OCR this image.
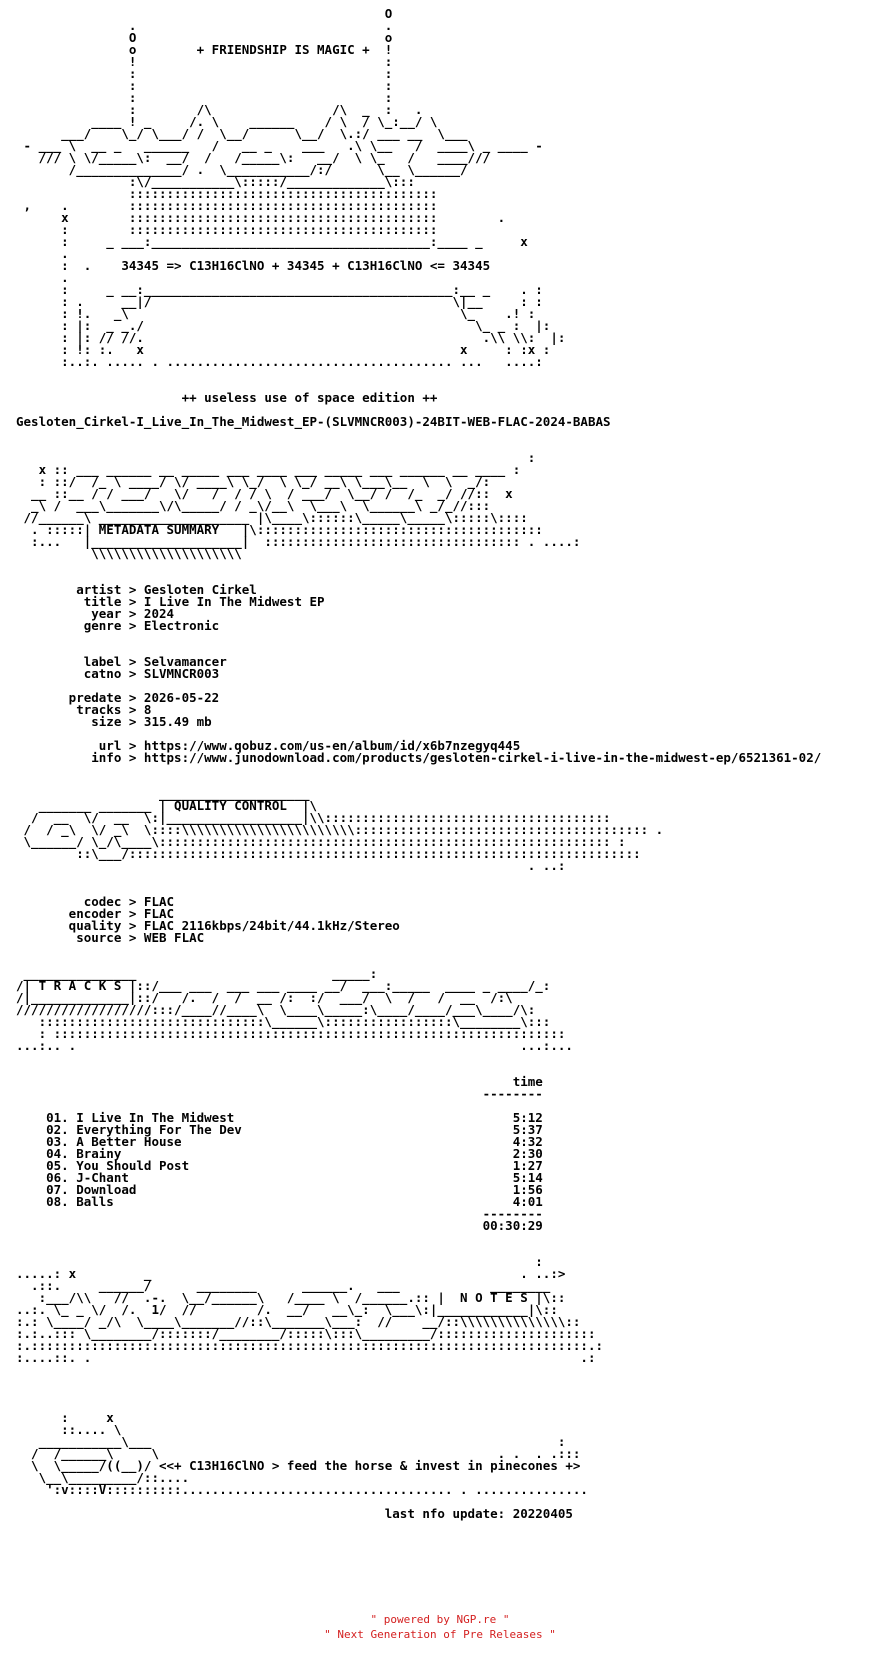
O
.                                 .
O                                 o
o        + FRIENDSHIP IS MAGIC +  !
!                                 :
:                                 :
:                                 :
:                                 :
:        /\                /\  _  :   .
____ ! _     /. \    ______    / \  / \_:__/ \
___/    \_/ \___/ /  \__/      \__/  \.:/ ___ __  \___
- ___ \  __ _   ______   /   __ _    ___   .\ \__   /  ____\ _ ____ -
/// \ \/_____\:  __/  /   /_____\:   __/  \ \_   /   ____///
/______________/ .  \___________/:/      \__ \______/
:\/___________\:::::/_____________\:::
:::::::::::::::::::::::::::::::::::::::::
,    .        :::::::::::::::::::::::::::::::::::::::::
x        :::::::::::::::::::::::::::::::::::::::::        .
:        :::::::::::::::::::::::::::::::::::::::::
:     _ ___:_____________________________________:____ _     x
.
:  .    34345 => C13H16ClNO + 34345 + C13H16ClNO <= 34345
.
:     _ __:_________________________________________:__ _    . :
: .     __|/                                        \|__     : :
: !.   _\                                            \_    .! :
: |:  _ _./                                            \_ _ :  |:
: |: // //.                                             .\\ \\:  |:
: !: :.   x                                          x     : :x :
:..:. ..... . ...................................... ...   ....:

++ useless use of space edition ++

Gesloten_Cirkel-I_Live_In_The_Midwest_EP-(SLVMNCR003)-24BIT-WEB-FLAC-2024-BABAS

:
x :: ___ ______ __ _____ ___ ____ ___ _____ ___ ______ __ ____ :
: ::/  /_ \ ____/ \/ ____\ \_/  \ \_/ __\ \___\__  \  \  _/:
__ ::__ / / ___/   \/   /  / / \  / ___/  \__/ /  /_  _/ //::  x
_\ /  ___\_______\/\_____/ / _\/__\  \___\  \______\ _/_//:::
//______\ ____________________ |\____\::::::\_____\_____\:::::\::::
. :::::| METADATA SUMMARY   |\::::::::::::::::::::::::::::::::::::::
:...   |____________________|  :::::::::::::::::::::::::::::::::: . ....:
\\\\\\\\\\\\\\\\\\\\

artist > Gesloten Cirkel
title > I Live In The Midwest EP
year > 2024
genre > Electronic

label > Selvamancer
catno > SLVMNCR003

predate > 2026-05-22
tracks > 8
size > 315.49 mb

url > https://www.qobuz.com/us-en/album/id/x6b7nzegyq445
info > https://www.junodownload.com/products/gesloten-cirkel-i-live-in-the-midwest-ep/6521361-02/

____________________
_______ _______ | QUALITY CONTROL  |\
/  __  \/  __  \:|__________________|\\::::::::::::::::::::::::::::::::::::::
/  / _\  \/ _\  \::::\\\\\\\\\\\\\\\\\\\\\\\::::::::::::::::::::::::::::::::::::::: .
\______/ \_/\____\:::::::::::::::::::::::::::::::::::::::::::::::::::::::::::: :
::\___/::::::::::::::::::::::::::::::::::::::::::::::::::::::::::::::::::::
. ..:

codec > FLAC
encoder > FLAC
quality > FLAC 2116kbps/24bit/44.1kHz/Stereo
source > WEB FLAC

_______________                          _____:
/| T R A C K S |::/___ ___  ___ ___ ____ __/  ___:_____  ____ _ ____/_:
/|_____________|::/   /.  /  /  __ /:  :/  ___/  \  /   /  __  /:\
//////////////////:::/____//____\  \____\_____:\____/____/___\____/\:
::::::::::::::::::::::::::::::\______\:::::::::::::::::\________\:::
: ::::::::::::::::::::::::::::::::::::::::::::::::::::::::::::::::::::
...:.. .                                                           ...:...

time
--------

01. I Live In The Midwest                                     5:12
02. Everything For The Dev                                    5:37
03. A Better House                                            4:32
04. Brainy                                                    2:30
05. You Should Post                                           1:27
06. J-Chant                                                   5:14
07. Download                                                  1:56
08. Balls                                                     4:01
--------
00:30:29

:
.....: x         _                                                 . ..:>
.::.     ______/      ________      ______.   ___            ________
:___/\\   //  .-.  \__/______\   /____ \  /______.:: |  N O T E S |\::
..:. \_ _ \/  /.  1/  //        /.  __/   __\_:  \___\:|____________|\::
:.: \____/ _/\  \____\_______//::\_______\___:  //    __/::\\\\\\\\\\\\\\::
:.:..::: \________/:::::::/________/:::::\:::\_________/:::::::::::::::::::::
:.::::::::::::::::::::::::::::::::::::::::::::::::::::::::::::::::::::::::::.:
:....::. .                                                                 .:

:     x
::.... \
___________\___                                                      :
/  /______\     \                                             . .  . .:::
\  \_____/((__)/ <<+ C13H16ClNO > feed the horse & invest in pinecones +>
\__\_________/::....
':v::::V::::::::::.................................... . ...............

last nfo update: 20220405
" powered by NGP.re "
" Next Generation of Pre Releases "
